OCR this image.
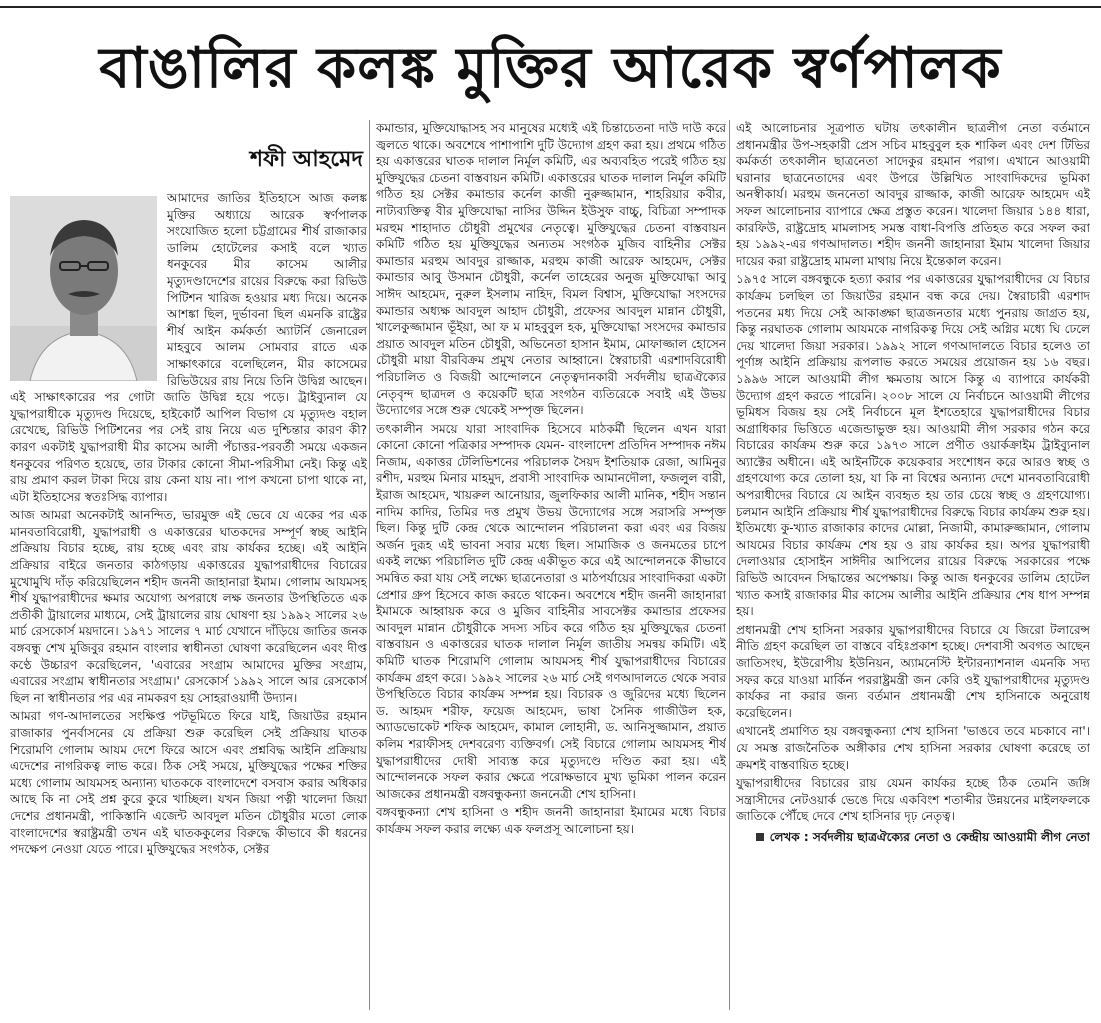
বাঙালির কলঙ্ক মুক্তির আরেক স্বর্ণপালক
শফী আহমেদ

আমাদের জাতির ইতিহাসে আজ কলঙ্ক মুক্তির অধ্যায়ে আরেক স্বর্ণপালক সংযোজিত হলো চট্টগ্রামের শীর্ষ রাজাকার ডালিম হোটেলের কসাই বলে খ্যাত ধনকুবের মীর কাসেম আলীর মৃত্যুদণ্ডাদেশের রায়ের বিরুদ্ধে করা রিভিউ পিটিশন খারিজ হওয়ার মধ্য দিয়ে। অনেক আশঙ্কা ছিল, দুর্ভাবনা ছিল এমনকি রাষ্ট্রের শীর্ষ আইন কর্মকর্তা অ্যাটর্নি জেনারেল মাহবুবে আলম সোমবার রাতে এক সাক্ষাৎকারে বলেছিলেন, মীর কাসেমের রিভিউয়ের রায় নিয়ে তিনি উদ্বিগ্ন আছেন। এই সাক্ষাৎকারের পর গোটা জাতি উদ্বিগ্ন হয়ে পড়ে। ট্রাইব্যুনাল যে যুদ্ধাপরাধীকে মৃত্যুদণ্ড দিয়েছে, হাইকোর্ট আপিল বিভাগ যে মৃত্যুদণ্ড বহাল রেখেছে, রিভিউ পিটিশনের পর সেই রায় নিয়ে এত দুশ্চিন্তার কারণ কী? কারণ একটাই যুদ্ধাপরাধী মীর কাসেম আলী পঁচাত্তর-পরবর্তী সময়ে একজন ধনকুবের পরিণত হয়েছে, তার টাকার কোনো সীমা-পরিসীমা নেই। কিন্তু এই রায় প্রমাণ করল টাকা দিয়ে রায় কেনা যায় না। পাপ কখনো চাপা থাকে না, এটা ইতিহাসের স্বতঃসিদ্ধ ব্যাপার।

আজ আমরা অনেকটাই আনন্দিত, ভারমুক্ত এই ভেবে যে একের পর এক মানবতাবিরোধী, যুদ্ধাপরাধী ও একাত্তরের ঘাতকদের সম্পূর্ণ স্বচ্ছ আইনি প্রক্রিয়ায় বিচার হচ্ছে, রায় হচ্ছে এবং রায় কার্যকর হচ্ছে। এই আইনি প্রক্রিয়ার বাইরে জনতার কাঠগড়ায় একাত্তরের যুদ্ধাপরাধীদের বিচারের মুখোমুখি দাঁড় করিয়েছিলেন শহীদ জননী জাহানারা ইমাম। গোলাম আযমসহ শীর্ষ যুদ্ধাপরাধীদের ক্ষমার অযোগ্য অপরাধে লক্ষ জনতার উপস্থিতিতে এক প্রতীকী ট্রায়ালের মাধ্যমে, সেই ট্রায়ালের রায় ঘোষণা হয় ১৯৯২ সালের ২৬ মার্চ রেসকোর্স ময়দানে। ১৯৭১ সালের ৭ মার্চ যেখানে দাঁড়িয়ে জাতির জনক বঙ্গবন্ধু শেখ মুজিবুর রহমান বাংলার স্বাধীনতা ঘোষণা করেছিলেন এবং দীপ্ত কণ্ঠে উচ্চারণ করেছিলেন, 'এবারের সংগ্রাম আমাদের মুক্তির সংগ্রাম, এবারের সংগ্রাম স্বাধীনতার সংগ্রাম।' রেসকোর্স ১৯৯২ সালে আর রেসকোর্স ছিল না স্বাধীনতার পর এর নামকরণ হয় সোহরাওয়ার্দী উদ্যান।

আমরা গণ-আদালতের সংক্ষিপ্ত পটভূমিতে ফিরে যাই, জিয়াউর রহমান রাজাকার পুনর্বাসনের যে প্রক্রিয়া শুরু করেছিল সেই প্রক্রিয়ায় ঘাতক শিরোমণি গোলাম আযম দেশে ফিরে আসে এবং প্রশ্নবিদ্ধ আইনি প্রক্রিয়ায় এদেশের নাগরিকত্ব লাভ করে। ঠিক সেই সময়ে, মুক্তিযুদ্ধের পক্ষের শক্তির মধ্যে গোলাম আযমসহ অন্যান্য ঘাতককে বাংলাদেশে বসবাস করার অধিকার আছে কি না সেই প্রশ্ন কুরে কুরে খাচ্ছিল। যখন জিয়া পত্নী খালেদা জিয়া দেশের প্রধানমন্ত্রী, পাকিস্তানি এজেন্ট আবদুল মতিন চৌধুরীর মতো লোক বাংলাদেশের স্বরাষ্ট্রমন্ত্রী তখন এই ঘাতককুলের বিরুদ্ধে কীভাবে কী ধরনের পদক্ষেপ নেওয়া যেতে পারে। মুক্তিযুদ্ধের সংগঠক, সেক্টর

কমান্ডার, মুক্তিযোদ্ধাসহ সব মানুষের মধ্যেই এই চিন্তাচেতনা দাউ দাউ করে জ্বলতে থাকে। অবশেষে পাশাপাশি দুটি উদ্যোগ গ্রহণ করা হয়। প্রথমে গঠিত হয় একাত্তরের ঘাতক দালাল নির্মূল কমিটি, এর অব্যবহিত পরেই গঠিত হয় মুক্তিযুদ্ধের চেতনা বাস্তবায়ন কমিটি। একাত্তরের ঘাতক দালাল নির্মূল কমিটি গঠিত হয় সেক্টর কমান্ডার কর্নেল কাজী নুরুজ্জামান, শাহরিয়ার কবীর, নাট্যব্যক্তিত্ব বীর মুক্তিযোদ্ধা নাসির উদ্দিন ইউসুফ বাচ্চু, বিচিত্রা সম্পাদক মরহুম শাহাদাত চৌধুরী প্রমুখের নেতৃত্বে। মুক্তিযুদ্ধের চেতনা বাস্তবায়ন কমিটি গঠিত হয় মুক্তিযুদ্ধের অন্যতম সংগঠক মুজিব বাহিনীর সেক্টর কমান্ডার মরহুম আবদুর রাজ্জাক, মরহুম কাজী আরেফ আহমেদ, সেক্টর কমান্ডার আবু উসমান চৌধুরী, কর্নেল তাহেরের অনুজ মুক্তিযোদ্ধা আবু সাঈদ আহমেদ, নুরুল ইসলাম নাহিদ, বিমল বিশ্বাস, মুক্তিযোদ্ধা সংসদের কমান্ডার অধ্যক্ষ আবদুল আহাদ চৌধুরী, প্রফেসর আবদুল মান্নান চৌধুরী, খালেকুজ্জামান ভূঁইয়া, আ ফ ম মাহবুবুল হক, মুক্তিযোদ্ধা সংসদের কমান্ডার প্রয়াত আবদুল মতিন চৌধুরী, অভিনেতা হাসান ইমাম, মোফাজ্জাল হোসেন চৌধুরী মায়া বীরবিক্রম প্রমুখ নেতার আহ্বানে। স্বৈরাচারী এরশাদবিরোধী পরিচালিত ও বিজয়ী আন্দোলনে নেতৃত্বদানকারী সর্বদলীয় ছাত্রঐক্যের নেতৃবৃন্দ ছাত্রদল ও কয়েকটি ছাত্র সংগঠন ব্যতিরেকে সবাই এই উভয় উদ্যোগের সঙ্গে শুরু থেকেই সম্পৃক্ত ছিলেন।

তৎকালীন সময়ে যারা সাংবাদিক হিসেবে মাঠকর্মী ছিলেন এখন যারা কোনো কোনো পত্রিকার সম্পাদক যেমন- বাংলাদেশ প্রতিদিন সম্পাদক নঈম নিজাম, একাত্তর টেলিভিশনের পরিচালক সৈয়দ ইশতিয়াক রেজা, আমিনুর রশীদ, মরহুম মিনার মাহমুদ, প্রবাসী সাংবাদিক আমানদৌলা, ফজলুল বারী, ইরাজ আহমেদ, খায়রুল আনোয়ার, জুলফিকার আলী মানিক, শহীদ সন্তান নাদিম কাদির, তিমির দত্ত প্রমুখ উভয় উদ্যোগের সঙ্গে সরাসরি সম্পৃক্ত ছিল। কিন্তু দুটি কেন্দ্র থেকে আন্দোলন পরিচালনা করা এবং এর বিজয় অর্জন দুরূহ এই ভাবনা সবার মধ্যে ছিল। সামাজিক ও জনমতের চাপে একই লক্ষ্যে পরিচালিত দুটি কেন্দ্র একীভূত করে এই আন্দোলনকে কীভাবে সমন্বিত করা যায় সেই লক্ষ্যে ছাত্রনেতারা ও মাঠপর্যায়ের সাংবাদিকরা একটা প্রেশার গ্রুপ হিসেবে কাজ করতে থাকেন। অবশেষে শহীদ জননী জাহানারা ইমামকে আহ্বায়ক করে ও মুজিব বাহিনীর সাবসেক্টর কমান্ডার প্রফেসর আবদুল মান্নান চৌধুরীকে সদস্য সচিব করে গঠিত হয় মুক্তিযুদ্ধের চেতনা বাস্তবায়ন ও একাত্তরের ঘাতক দালাল নির্মূল জাতীয় সমন্বয় কমিটি। এই কমিটি ঘাতক শিরোমণি গোলাম আযমসহ শীর্ষ যুদ্ধাপরাধীদের বিচারের কার্যক্রম গ্রহণ করে। ১৯৯২ সালের ২৬ মার্চ সেই গণআদালতে থেকে সবার উপস্থিতিতে বিচার কার্যক্রম সম্পন্ন হয়। বিচারক ও জুরিদের মধ্যে ছিলেন ড. আহমদ শরীফ, ফয়েজ আহমেদ, ভাষা সৈনিক গাজীউল হক, অ্যাডভোকেট শফিক আহমেদ, কামাল লোহানী, ড. আনিসুজ্জামান, প্রয়াত কলিম শরাফীসহ দেশবরেণ্য ব্যক্তিবর্গ। সেই বিচারে গোলাম আযমসহ শীর্ষ যুদ্ধাপরাধীদের দোষী সাব্যস্ত করে মৃত্যুদণ্ডে দণ্ডিত করা হয়। এই আন্দোলনকে সফল করার ক্ষেত্রে পরোক্ষভাবে মুখ্য ভূমিকা পালন করেন আজকের প্রধানমন্ত্রী বঙ্গবন্ধুকন্যা জননেত্রী শেখ হাসিনা।

বঙ্গবন্ধুকন্যা শেখ হাসিনা ও শহীদ জননী জাহানারা ইমামের মধ্যে বিচার কার্যক্রম সফল করার লক্ষ্যে এক ফলপ্রসূ আলোচনা হয়।

এই আলোচনার সূত্রপাত ঘটায় তৎকালীন ছাত্রলীগ নেতা বর্তমানে প্রধানমন্ত্রীর উপ-সহকারী প্রেস সচিব মাহবুবুল হক শাকিল এবং দেশ টিভির কর্মকর্তা তৎকালীন ছাত্রনেতা সাদেকুর রহমান পরাগ। এখানে আওয়ামী ঘরানার ছাত্রনেতাদের এবং উপরে উল্লিখিত সাংবাদিকদের ভূমিকা অনস্বীকার্য। মরহুম জননেতা আবদুর রাজ্জাক, কাজী আরেফ আহমেদ এই সফল আলোচনার ব্যাপারে ক্ষেত্র প্রস্তুত করেন। খালেদা জিয়ার ১৪৪ ধারা, কারফিউ, রাষ্ট্রদ্রোহ মামলাসহ সমস্ত বাধা-বিপত্তি প্রতিহত করে সফল করা হয় ১৯৯২-এর গণআদালত। শহীদ জননী জাহানারা ইমাম খালেদা জিয়ার দায়ের করা রাষ্ট্রদ্রোহ মামলা মাথায় নিয়ে ইন্তেকাল করেন।

১৯৭৫ সালে বঙ্গবন্ধুকে হত্যা করার পর একাত্তরের যুদ্ধাপরাধীদের যে বিচার কার্যক্রম চলছিল তা জিয়াউর রহমান বন্ধ করে দেয়। স্বৈরাচারী এরশাদ পতনের মধ্য দিয়ে সেই আকাঙ্ক্ষা ছাত্রজনতার মধ্যে পুনরায় জাগ্রত হয়, কিন্তু নরঘাতক গোলাম আযমকে নাগরিকত্ব দিয়ে সেই অগ্নির মধ্যে ঘি ঢেলে দেয় খালেদা জিয়া সরকার। ১৯৯২ সালে গণআদালতে বিচার হলেও তা পূর্ণাঙ্গ আইনি প্রক্রিয়ায় রূপলাভ করতে সময়ের প্রয়োজন হয় ১৬ বছর। ১৯৯৬ সালে আওয়ামী লীগ ক্ষমতায় আসে কিন্তু এ ব্যাপারে কার্যকরী উদ্যোগ গ্রহণ করতে পারেনি। ২০০৮ সালে যে নির্বাচনে আওয়ামী লীগের ভূমিধস বিজয় হয় সেই নির্বাচনে মূল ইশতেহারে যুদ্ধাপরাধীদের বিচার অগ্রাধিকার ভিত্তিতে এজেন্ডাভুক্ত হয়। আওয়ামী লীগ সরকার গঠন করে বিচারের কার্যক্রম শুরু করে ১৯৭৩ সালে প্রণীত ওয়ার্কক্রাইম ট্রাইব্যুনাল অ্যাক্টের অধীনে। এই আইনটিকে কয়েকবার সংশোধন করে আরও স্বচ্ছ ও গ্রহণযোগ্য করে তোলা হয়, যা কি না বিশ্বের অন্যান্য দেশে মানবতাবিরোধী অপরাধীদের বিচারে যে আইন ব্যবহৃত হয় তার চেয়ে স্বচ্ছ ও গ্রহণযোগ্য। চলমান আইনি প্রক্রিয়ায় শীর্ষ যুদ্ধাপরাধীদের বিরুদ্ধে বিচার কার্যক্রম শুরু হয়। ইতিমধ্যে কু-খ্যাত রাজাকার কাদের মোল্লা, নিজামী, কামারুজ্জামান, গোলাম আযমের বিচার কার্যক্রম শেষ হয় ও রায় কার্যকর হয়। অপর যুদ্ধাপরাধী দেলাওয়ার হোসাইন সাঈদীর আপিলের রায়ের বিরুদ্ধে সরকারের পক্ষে রিভিউ আবেদন সিদ্ধান্তের অপেক্ষায়। কিন্তু আজ ধনকুবের ডালিম হোটেল খ্যাত কসাই রাজাকার মীর কাসেম আলীর আইনি প্রক্রিয়ার শেষ ধাপ সম্পন্ন হয়।

প্রধানমন্ত্রী শেখ হাসিনা সরকার যুদ্ধাপরাধীদের বিচারে যে জিরো টলারেন্স নীতি গ্রহণ করেছিল তা বাস্তবে বহিঃপ্রকাশ হচ্ছে। দেশবাসী অবগত আছেন জাতিসংঘ, ইউরোপীয় ইউনিয়ন, অ্যামনেস্টি ইন্টারন্যাশনাল এমনকি সদ্য সফর করে যাওয়া মার্কিন পররাষ্ট্রমন্ত্রী জন কেরি ওই যুদ্ধাপরাধীদের মৃত্যুদণ্ড কার্যকর না করার জন্য বর্তমান প্রধানমন্ত্রী শেখ হাসিনাকে অনুরোধ করেছিলেন।

এখানেই প্রমাণিত হয় বঙ্গবন্ধুকন্যা শেখ হাসিনা 'ভাঙবে তবে মচকাবে না'। যে সমস্ত রাজনৈতিক অঙ্গীকার শেখ হাসিনা সরকার ঘোষণা করেছে তা ক্রমশই বাস্তবায়িত হচ্ছে।

যুদ্ধাপরাধীদের বিচারের রায় যেমন কার্যকর হচ্ছে ঠিক তেমনি জঙ্গি সন্ত্রাসীদের নেটওয়ার্ক ভেঙে দিয়ে একবিংশ শতাব্দীর উন্নয়নের মাইলফলকে জাতিকে পৌঁছে দেবে শেখ হাসিনার দৃঢ় নেতৃত্ব।

লেখক : সর্বদলীয় ছাত্রঐক্যের নেতা ও কেন্দ্রীয় আওয়ামী লীগ নেতা
